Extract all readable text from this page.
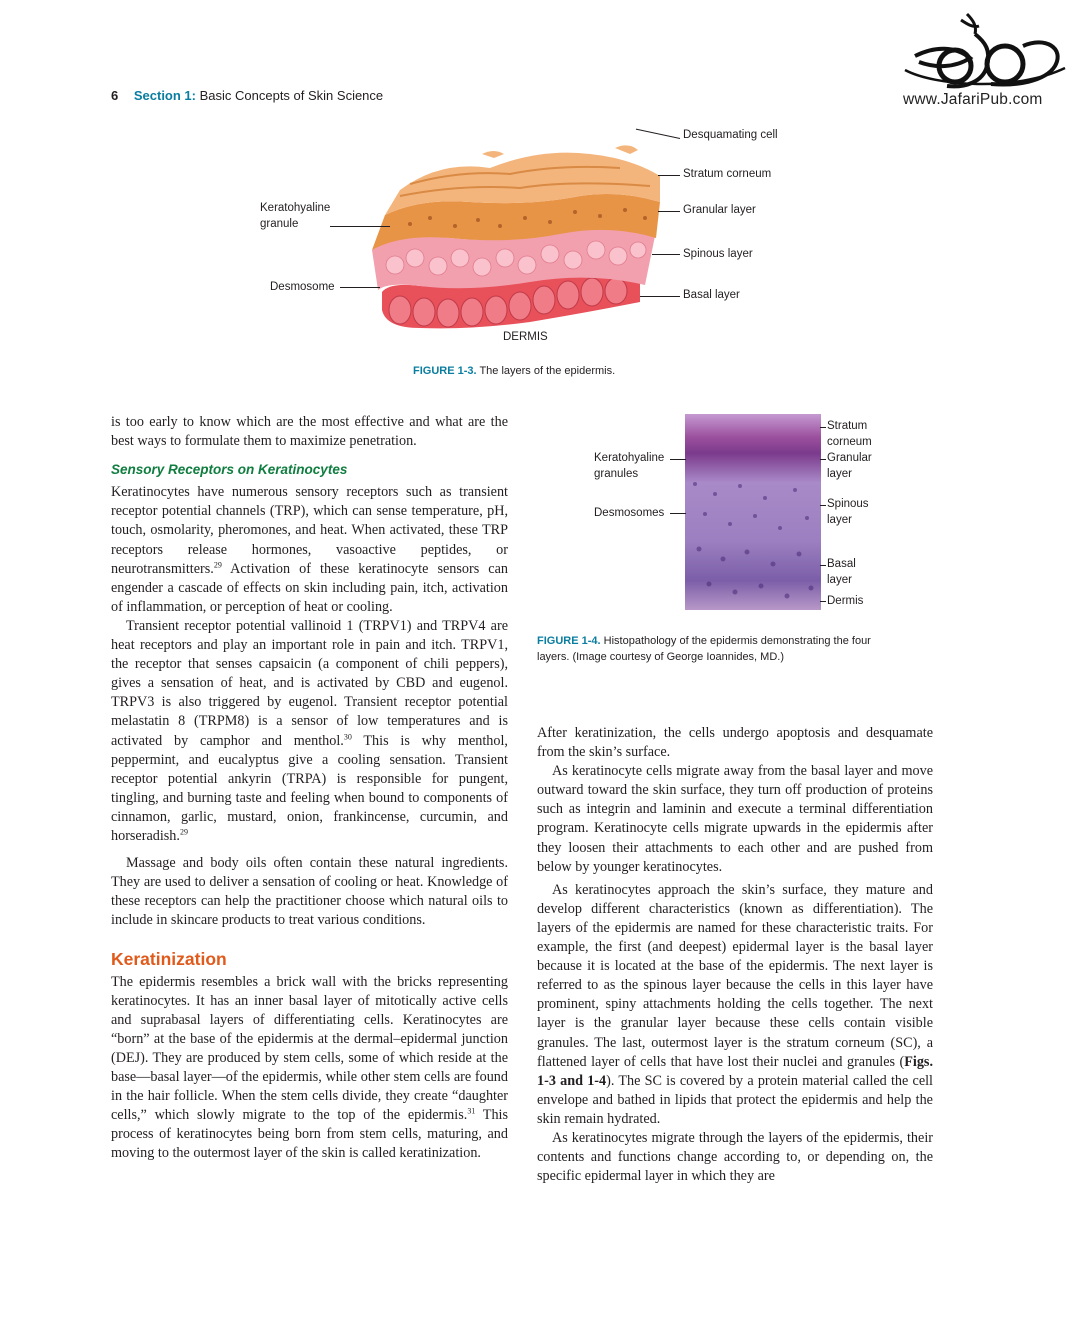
6 Section 1: Basic Concepts of Skin Science	www.JafariPub.com
Desquamating cell
Stratum corneum
Granular layer
Spinous layer
Basal layer
Keratohyaline
granule
Desmosome
DERMIS
FIGURE 1-3. The layers of the epidermis.
Stratum
corneum
Granular
layer
Spinous
layer
Basal
layer
Dermis
Keratohyaline
granules
Desmosomes
FIGURE 1-4. Histopathology of the epidermis demonstrating the four
layers. (Image courtesy of George Ioannides, MD.)

is too early to know which are the most effective and what are the best ways to formulate them to maximize penetration.

Sensory Receptors on Keratinocytes

Keratinocytes have numerous sensory receptors such as transient receptor potential channels (TRP), which can sense temperature, pH, touch, osmolarity, pheromones, and heat. When activated, these TRP receptors release hormones, vasoactive peptides, or neurotransmitters.$^{29}$ Activation of these keratinocyte sensors can engender a cascade of effects on skin including pain, itch, activation of inflammation, or perception of heat or cooling.

Transient receptor potential vallinoid 1 (TRPV1) and TRPV4 are heat receptors and play an important role in pain and itch. TRPV1, the receptor that senses capsaicin (a component of chili peppers), gives a sensation of heat, and is activated by CBD and eugenol. TRPV3 is also triggered by eugenol. Transient receptor potential melastatin 8 (TRPM8) is a sensor of low temperatures and is activated by camphor and menthol.$^{30}$ This is why menthol, peppermint, and eucalyptus give a cooling sensation. Transient receptor potential ankyrin (TRPA) is responsible for pungent, tingling, and burning taste and feeling when bound to components of cinnamon, garlic, mustard, onion, frankincense, curcumin, and horseradish.$^{29}$

Massage and body oils often contain these natural ingredients. They are used to deliver a sensation of cooling or heat. Knowledge of these receptors can help the practitioner choose which natural oils to include in skincare products to treat various conditions.

Keratinization

The epidermis resembles a brick wall with the bricks representing keratinocytes. It has an inner basal layer of mitotically active cells and suprabasal layers of differentiating cells. Keratinocytes are “born” at the base of the epidermis at the dermal–epidermal junction (DEJ). They are produced by stem cells, some of which reside at the base—basal layer—of the epidermis, while other stem cells are found in the hair follicle. When the stem cells divide, they create “daughter cells,” which slowly migrate to the top of the epidermis.$^{31}$ This process of keratinocytes being born from stem cells, maturing, and moving to the outermost layer of the skin is called keratinization.

After keratinization, the cells undergo apoptosis and desquamate from the skin’s surface.

As keratinocyte cells migrate away from the basal layer and move outward toward the skin surface, they turn off production of proteins such as integrin and laminin and execute a terminal differentiation program. Keratinocyte cells migrate upwards in the epidermis after they loosen their attachments to each other and are pushed from below by younger keratinocytes.

As keratinocytes approach the skin’s surface, they mature and develop different characteristics (known as differentiation). The layers of the epidermis are named for these characteristic traits. For example, the first (and deepest) epidermal layer is the basal layer because it is located at the base of the epidermis. The next layer is referred to as the spinous layer because the cells in this layer have prominent, spiny attachments holding the cells together. The next layer is the granular layer because these cells contain visible granules. The last, outermost layer is the stratum corneum (SC), a flattened layer of cells that have lost their nuclei and granules (Figs. 1-3 and 1-4). The SC is covered by a protein material called the cell envelope and bathed in lipids that protect the epidermis and help the skin remain hydrated.

As keratinocytes migrate through the layers of the epidermis, their contents and functions change according to, or depending on, the specific epidermal layer in which they are
